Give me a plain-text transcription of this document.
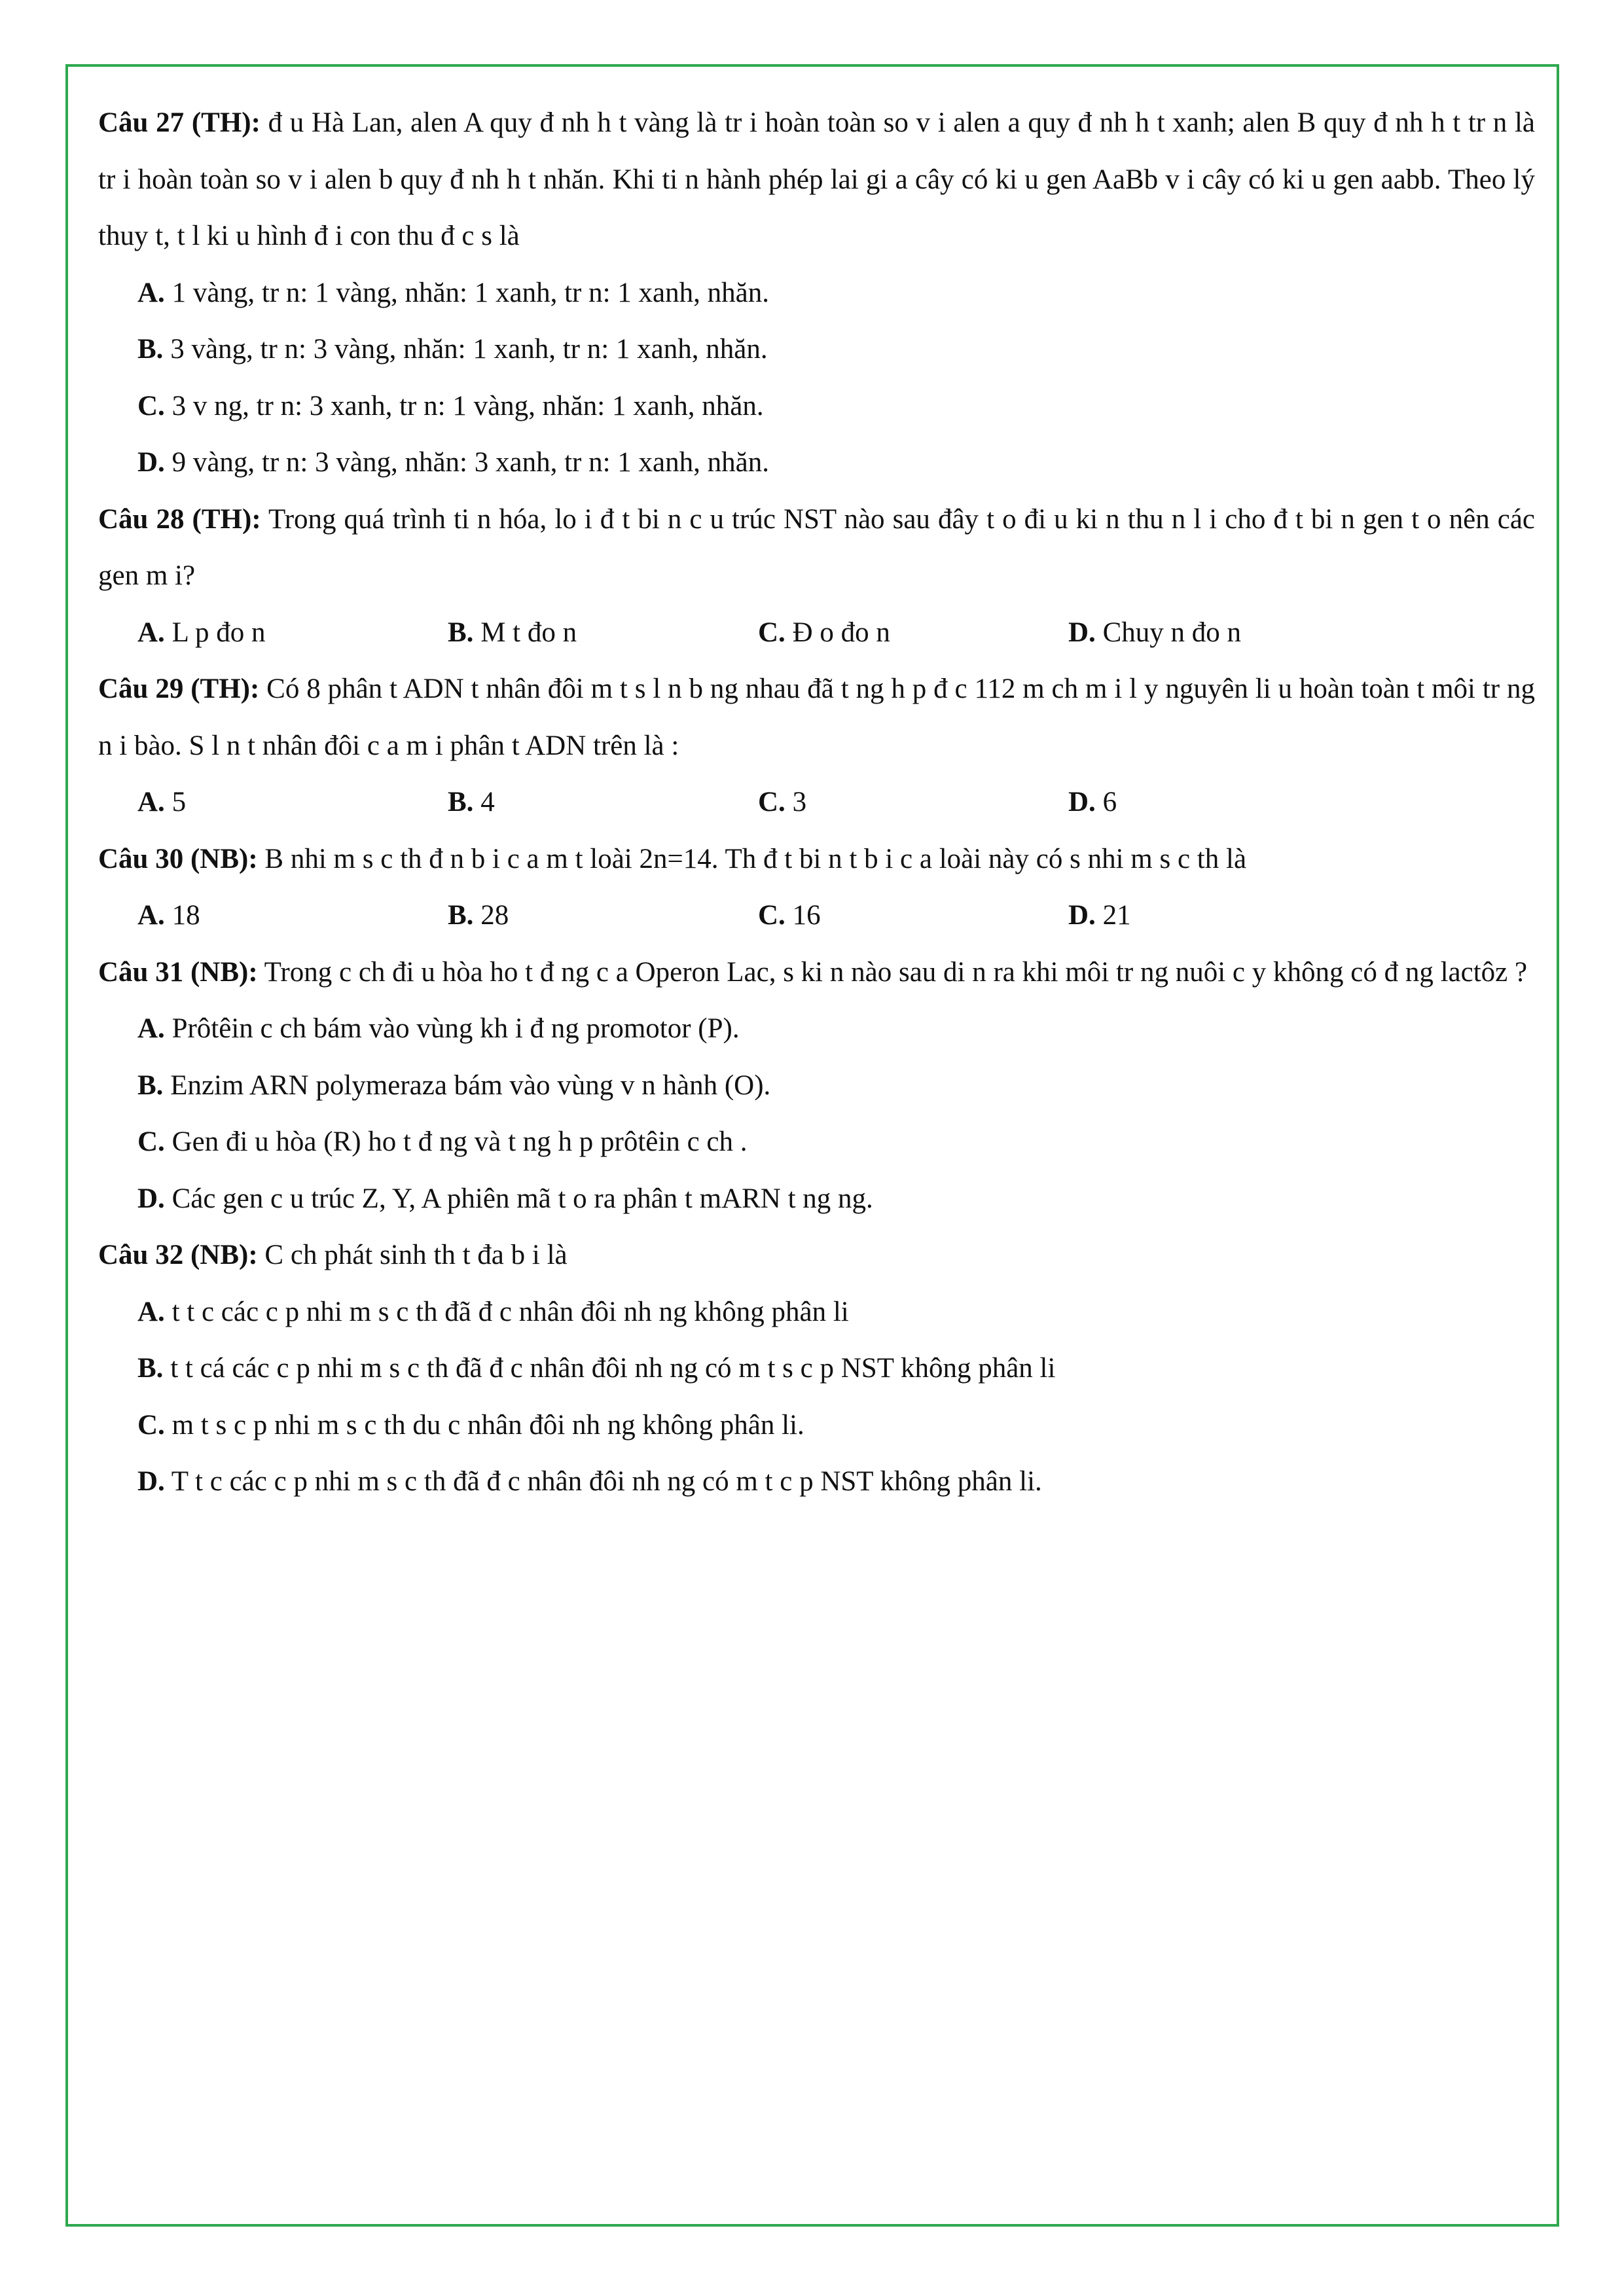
Câu 27 (TH): đ u Hà Lan, alen A quy đ nh h t vàng là tr i hoàn toàn so v i alen a quy đ nh h t xanh; alen B quy đ nh h t tr n là tr i hoàn toàn so v i alen b quy đ nh h t nhăn. Khi ti n hành phép lai gi a cây có ki u gen AaBb v i cây có ki u gen aabb. Theo lý thuy t, t l ki u hình đ i con thu đ c s là

A. 1 vàng, tr n: 1 vàng, nhăn: 1 xanh, tr n: 1 xanh, nhăn.

B. 3 vàng, tr n: 3 vàng, nhăn: 1 xanh, tr n: 1 xanh, nhăn.

C. 3 v ng, tr n: 3 xanh, tr n: 1 vàng, nhăn: 1 xanh, nhăn.

D. 9 vàng, tr n: 3 vàng, nhăn: 3 xanh, tr n: 1 xanh, nhăn.

Câu 28 (TH): Trong quá trình ti n hóa, lo i đ t bi n c u trúc NST nào sau đây t o đi u ki n thu n l i cho đ t bi n gen t o nên các gen m i?

A. L p đo n	B. M t đo n	C. Đ o đo n	D. Chuy n đo n

Câu 29 (TH): Có 8 phân t ADN t nhân đôi m t s l n b ng nhau đã t ng h p đ c 112 m ch m i l y nguyên li u hoàn toàn t môi tr ng n i bào. S l n t nhân đôi c a m i phân t ADN trên là :

A. 5	B. 4	C. 3	D. 6

Câu 30 (NB): B nhi m s c th đ n b i c a m t loài 2n=14. Th đ t bi n t b i c a loài này có s nhi m s c th là

A. 18	B. 28	C. 16	D. 21

Câu 31 (NB): Trong c ch đi u hòa ho t đ ng c a Operon Lac, s ki n nào sau di n ra khi môi tr ng nuôi c y không có đ ng lactôz ?

A. Prôtêin c ch bám vào vùng kh i đ ng promotor (P).

B. Enzim ARN polymeraza bám vào vùng v n hành (O).

C. Gen đi u hòa (R) ho t đ ng và t ng h p prôtêin c ch .

D. Các gen c u trúc Z, Y, A phiên mã t o ra phân t mARN t ng ng.

Câu 32 (NB): C ch phát sinh th t đa b i là

A. t t c các c p nhi m s c th đã đ c nhân đôi nh ng không phân li

B. t t cá các c p nhi m s c th đã đ c nhân đôi nh ng có m t s c p NST không phân li

C. m t s c p nhi m s c th du c nhân đôi nh ng không phân li.

D. T t c các c p nhi m s c th đã đ c nhân đôi nh ng có m t c p NST không phân li.
